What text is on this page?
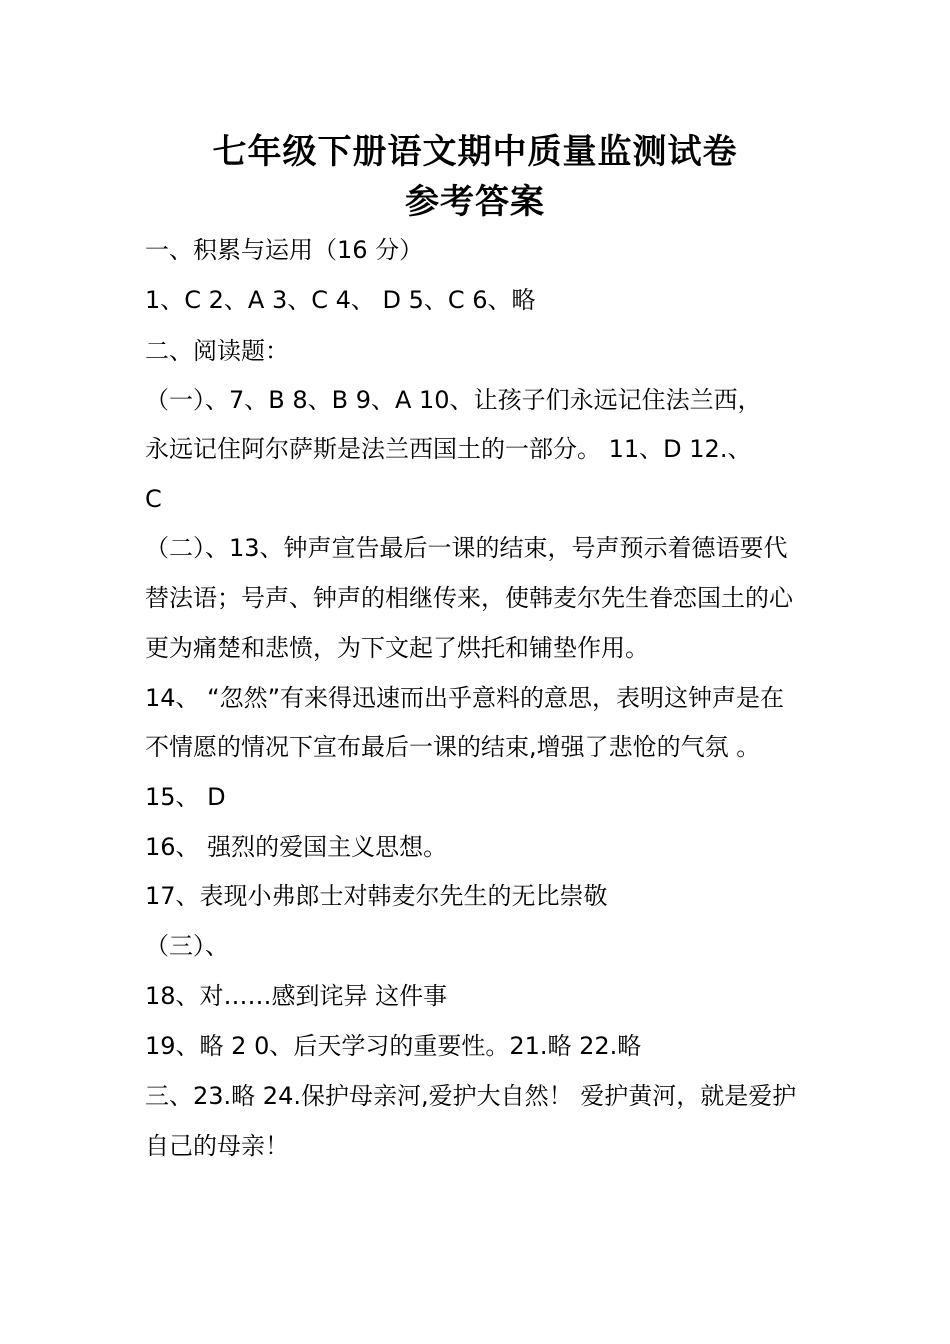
七年级下册语文期中质量监测试卷
参考答案
一、积累与运用（16 分）
1、C 2、A 3、C 4、 D 5、C 6、略
二、阅读题：
（一）、7、B 8、B 9、A 10、让孩子们永远记住法兰西，
永远记住阿尔萨斯是法兰西国土的一部分。 11、D 12.、
C
（二）、13、钟声宣告最后一课的结束，号声预示着德语要代
替法语；号声、钟声的相继传来，使韩麦尔先生眷恋国土的心
更为痛楚和悲愤，为下文起了烘托和铺垫作用。
14、 “忽然”有来得迅速而出乎意料的意思，表明这钟声是在
不情愿的情况下宣布最后一课的结束,增强了悲怆的气氛 。
15、 D
16、 强烈的爱国主义思想。
17、表现小弗郎士对韩麦尔先生的无比崇敬
（三）、
18、对……感到诧异 这件事
19、略 2 0、后天学习的重要性。21.略 22.略
三、23.略 24.保护母亲河,爱护大自然！ 爱护黄河，就是爱护
自己的母亲！
